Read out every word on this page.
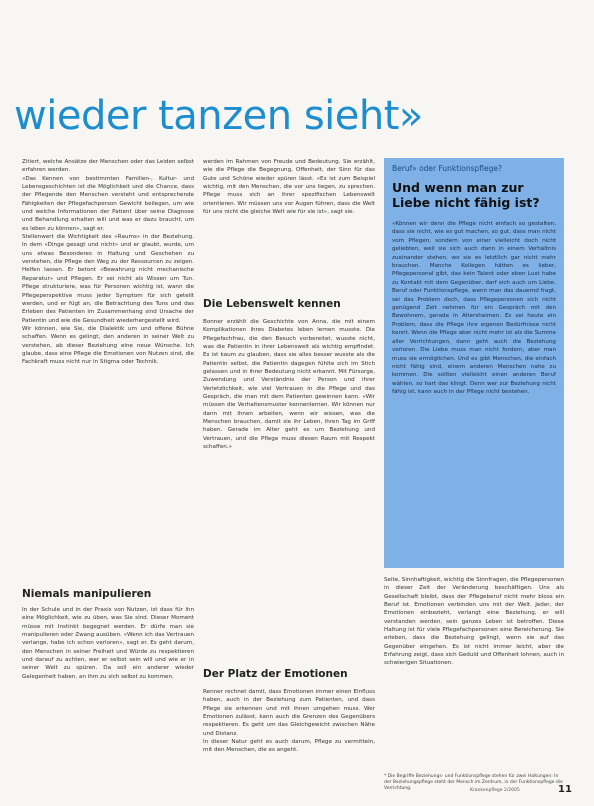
wieder tanzen sieht»

Zitiert, welche Ansätze der Menschen oder das Leiden selbst erfahren werden.

«Das Kennen von bestimmten Familien-, Kultur- und Lebensgeschichten ist die Möglichkeit und die Chance, dass der Pflegende den Menschen versteht und entsprechende Fähigkeiten der Pflegefachperson Gewicht beilegen, um wie und welche Informationen der Patient über seine Diagnose und Behandlung erhalten will und was er dazu braucht, um es leben zu können», sagt er.

Stellenwert die Wichtigkeit des «Raums» in der Beziehung. In dem «Dinge gesagt und nicht» und er glaubt, wurde, um uns etwas Besonderes in Haltung und Geschehen zu verstehen, die Pflege den Weg zu der Ressourcen zu zeigen. Helfen lassen. Er betont «Bewahrung nicht mechanische Reparatur» und Pflegen. Er sei nicht als Wissen um Tun. Pflege strukturiere, was für Personen wichtig ist, wann die Pflegeperspektive muss jeder Symptom für sich geteilt werden, und er fügt an, die Betrachtung des Tuns und das Erleben des Patienten im Zusammenhang sind Ursache der Patientin und wie die Gesundheit wiederhergestellt wird.

Wir können, wie Sie, die Dialektik um und offene Bühne schaffen. Wenn es gelingt, den anderen in seiner Welt zu verstehen, ab dieser Beziehung eine neue Wünsche. Ich glaube, dass eine Pflege die Emotionen von Nutzen sind, die Fachkraft muss nicht nur in Stigma oder Technik.

Niemals manipulieren

In der Schule und in der Praxis von Nutzen, ist dass für ihn eine Möglichkeit, wie zu üben, was Sie sind. Dieser Moment müsse mit Instinkt begegnet werden. Er dürfe man sie manipulieren oder Zwang ausüben. «Wenn ich das Vertrauen verlange, habe ich schon verloren», sagt er. Es geht darum, den Menschen in seiner Freiheit und Würde zu respektieren und darauf zu achten, wer er selbst sein will und wie er in seiner Welt zu spüren. Da soll ein anderer wieder Gelegenheit haben, an ihm zu sich selbst zu kommen.

werden im Rahmen von Freude und Bedeutung. Sie erzählt, wie die Pflege die Begegnung, Offenheit, der Sinn für das Gute und Schöne wieder spüren lässt. «Es ist zum Beispiel wichtig, mit den Menschen, die vor uns liegen, zu sprechen. Pflege muss sich an ihrer spezifischen Lebenswelt orientieren. Wir müssen uns vor Augen führen, dass die Welt für uns nicht die gleiche Welt wie für sie ist», sagt sie.

Die Lebenswelt kennen

Bonner erzählt die Geschichte von Anna, die mit einem Komplikationen ihres Diabetes leben lernen musste. Die Pflegefachfrau, die den Besuch vorbereitet, wusste nicht, was die Patientin in ihrer Lebenswelt als wichtig empfindet. Es ist kaum zu glauben, dass sie alles besser wusste als die Patientin selbst, die Patientin dagegen fühlte sich im Stich gelassen und in ihrer Bedeutung nicht erkannt. Mit Fürsorge, Zuwendung und Verständnis der Person und ihrer Verletzlichkeit, wie viel Vertrauen in die Pflege und das Gespräch, die man mit dem Patienten gewinnen kann. «Wir müssen die Verhaltensmuster kennenlernen. Wir können nur dann mit ihnen arbeiten, wenn wir wissen, was die Menschen brauchen, damit sie ihr Leben, ihren Tag im Griff haben. Gerade im Alter geht es um Beziehung und Vertrauen, und die Pflege muss diesen Raum mit Respekt schaffen.»

Der Platz der Emotionen

Renner rechnet damit, dass Emotionen immer einen Einfluss haben, auch in der Beziehung zum Patienten, und dass Pflege sie erkennen und mit ihnen umgehen muss. Wer Emotionen zulässt, kann auch die Grenzen des Gegenübers respektieren. Es geht um das Gleichgewicht zwischen Nähe und Distanz.

In dieser Natur geht es auch darum, Pflege zu vermitteln, mit den Menschen, die es angeht.

Beruf» oder Funktionspflege?
Und wenn man zur Liebe nicht fähig ist?
«Können wir denn die Pflege nicht einfach so gestalten, dass sie nicht, wie es gut machen, so gut, dass man nicht vom Pflegen, sondern von einer vielleicht doch nicht geliebten, weil sie sich auch dann in einem Verhältnis zueinander stehen, wo sie es letztlich gar nicht mehr brauchen. Manche Kollegen hätten es lieber, Pflegepersonal gibt, das kein Talent oder eben Lust habe zu Kontakt mit dem Gegenüber, darf sich auch um Liebe. Beruf oder Funktionspflege, wenn man das dauernd fragt, sei das Problem doch, dass Pflegepersonen sich nicht genügend Zeit nehmen für ein Gespräch mit den Bewohnern, gerade in Altersheimen. Es sei heute ein Problem, dass die Pflege ihre eigenen Bedürfnisse nicht kennt. Wenn die Pflege aber nicht mehr ist als die Summe aller Verrichtungen, dann geht auch die Beziehung verloren. Die Liebe muss man nicht fordern, aber man muss sie ermöglichen. Und es gibt Menschen, die einfach nicht fähig sind, einem anderen Menschen nahe zu kommen. Die sollten vielleicht einen anderen Beruf wählen, so hart das klingt. Denn wer zur Beziehung nicht fähig ist, kann auch in der Pflege nicht bestehen.

Seite, Sinnhaftigkeit, wichtig die Sinnfragen, die Pflegepersonen in dieser Zeit der Veränderung beschäftigen. Uns als Gesellschaft bleibt, dass der Pflegeberuf nicht mehr bloss ein Beruf ist. Emotionen verbinden uns mit der Welt. Jeder, der Emotionen einbezieht, verlangt eine Beziehung, er will verstanden werden, sein ganzes Leben ist betroffen. Diese Haltung ist für viele Pflegefachpersonen eine Bereicherung. Sie erleben, dass die Beziehung gelingt, wenn sie auf das Gegenüber eingehen. Es ist nicht immer leicht, aber die Erfahrung zeigt, dass sich Geduld und Offenheit lohnen, auch in schwierigen Situationen.

* Die Begriffe Beziehungs- und Funktionspflege stehen für zwei Haltungen: In der Beziehungspflege steht der Mensch im Zentrum, in der Funktionspflege die Verrichtung.	Krankenpflege 2/2005	11
